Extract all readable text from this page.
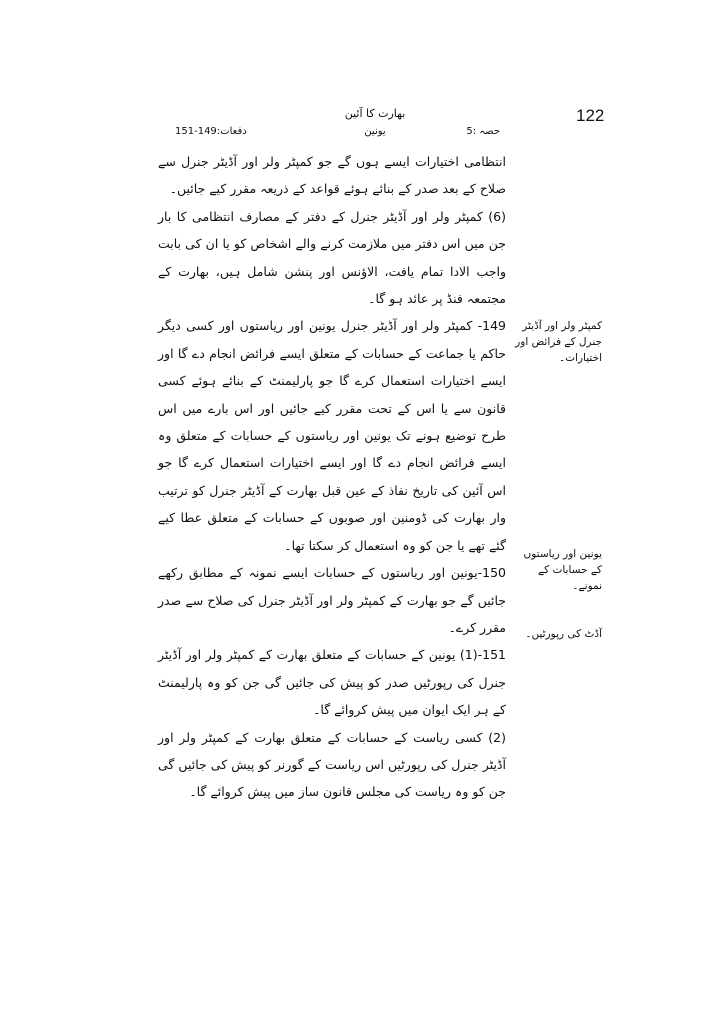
122
بھارت کا آئین
حصہ :5
یونین
دفعات:149-151

انتظامی اختیارات ایسے ہوں گے جو کمپٹر ولر اور آڈیٹر جنرل سے صلاح کے بعد صدر کے بنائے ہوئے قواعد کے ذریعہ مقرر کیے جائیں۔

(6) کمپٹر ولر اور آڈیٹر جنرل کے دفتر کے مصارف انتظامی کا بار جن میں اس دفتر میں ملازمت کرنے والے اشخاص کو یا ان کی بابت واجب الادا تمام یافت، الاؤنس اور پنشن شامل ہیں، بھارت کے مجتمعہ فنڈ پر عائد ہو گا۔

149- کمپٹر ولر اور آڈیٹر جنرل یونین اور ریاستوں اور کسی دیگر حاکم یا جماعت کے حسابات کے متعلق ایسے فرائض انجام دے گا اور ایسے اختیارات استعمال کرے گا جو پارلیمنٹ کے بنائے ہوئے کسی قانون سے یا اس کے تحت مقرر کیے جائیں اور اس بارے میں اس طرح توضیع ہونے تک یونین اور ریاستوں کے حسابات کے متعلق وہ ایسے فرائض انجام دے گا اور ایسے اختیارات استعمال کرے گا جو اس آئین کی تاریخ نفاذ کے عین قبل بھارت کے آڈیٹر جنرل کو ترتیب وار بھارت کی ڈومنین اور صوبوں کے حسابات کے متعلق عطا کیے گئے تھے یا جن کو وہ استعمال کر سکتا تھا۔

150-یونین اور ریاستوں کے حسابات ایسے نمونہ کے مطابق رکھے جائیں گے جو بھارت کے کمپٹر ولر اور آڈیٹر جنرل کی صلاح سے صدر مقرر کرے۔

151-(1) یونین کے حسابات کے متعلق بھارت کے کمپٹر ولر اور آڈیٹر جنرل کی رپورٹیں صدر کو پیش کی جائیں گی جن کو وہ پارلیمنٹ کے ہر ایک ایوان میں پیش کروائے گا۔

(2) کسی ریاست کے حسابات کے متعلق بھارت کے کمپٹر ولر اور آڈیٹر جنرل کی رپورٹیں اس ریاست کے گورنر کو پیش کی جائیں گی جن کو وہ ریاست کی مجلس قانون ساز میں پیش کروائے گا۔

کمپٹر ولر اور آڈیٹر جنرل کے فرائض اور اختیارات۔
یونین اور ریاستوں کے حسابات کے نمونے۔
آڈٹ کی رپورٹیں۔
